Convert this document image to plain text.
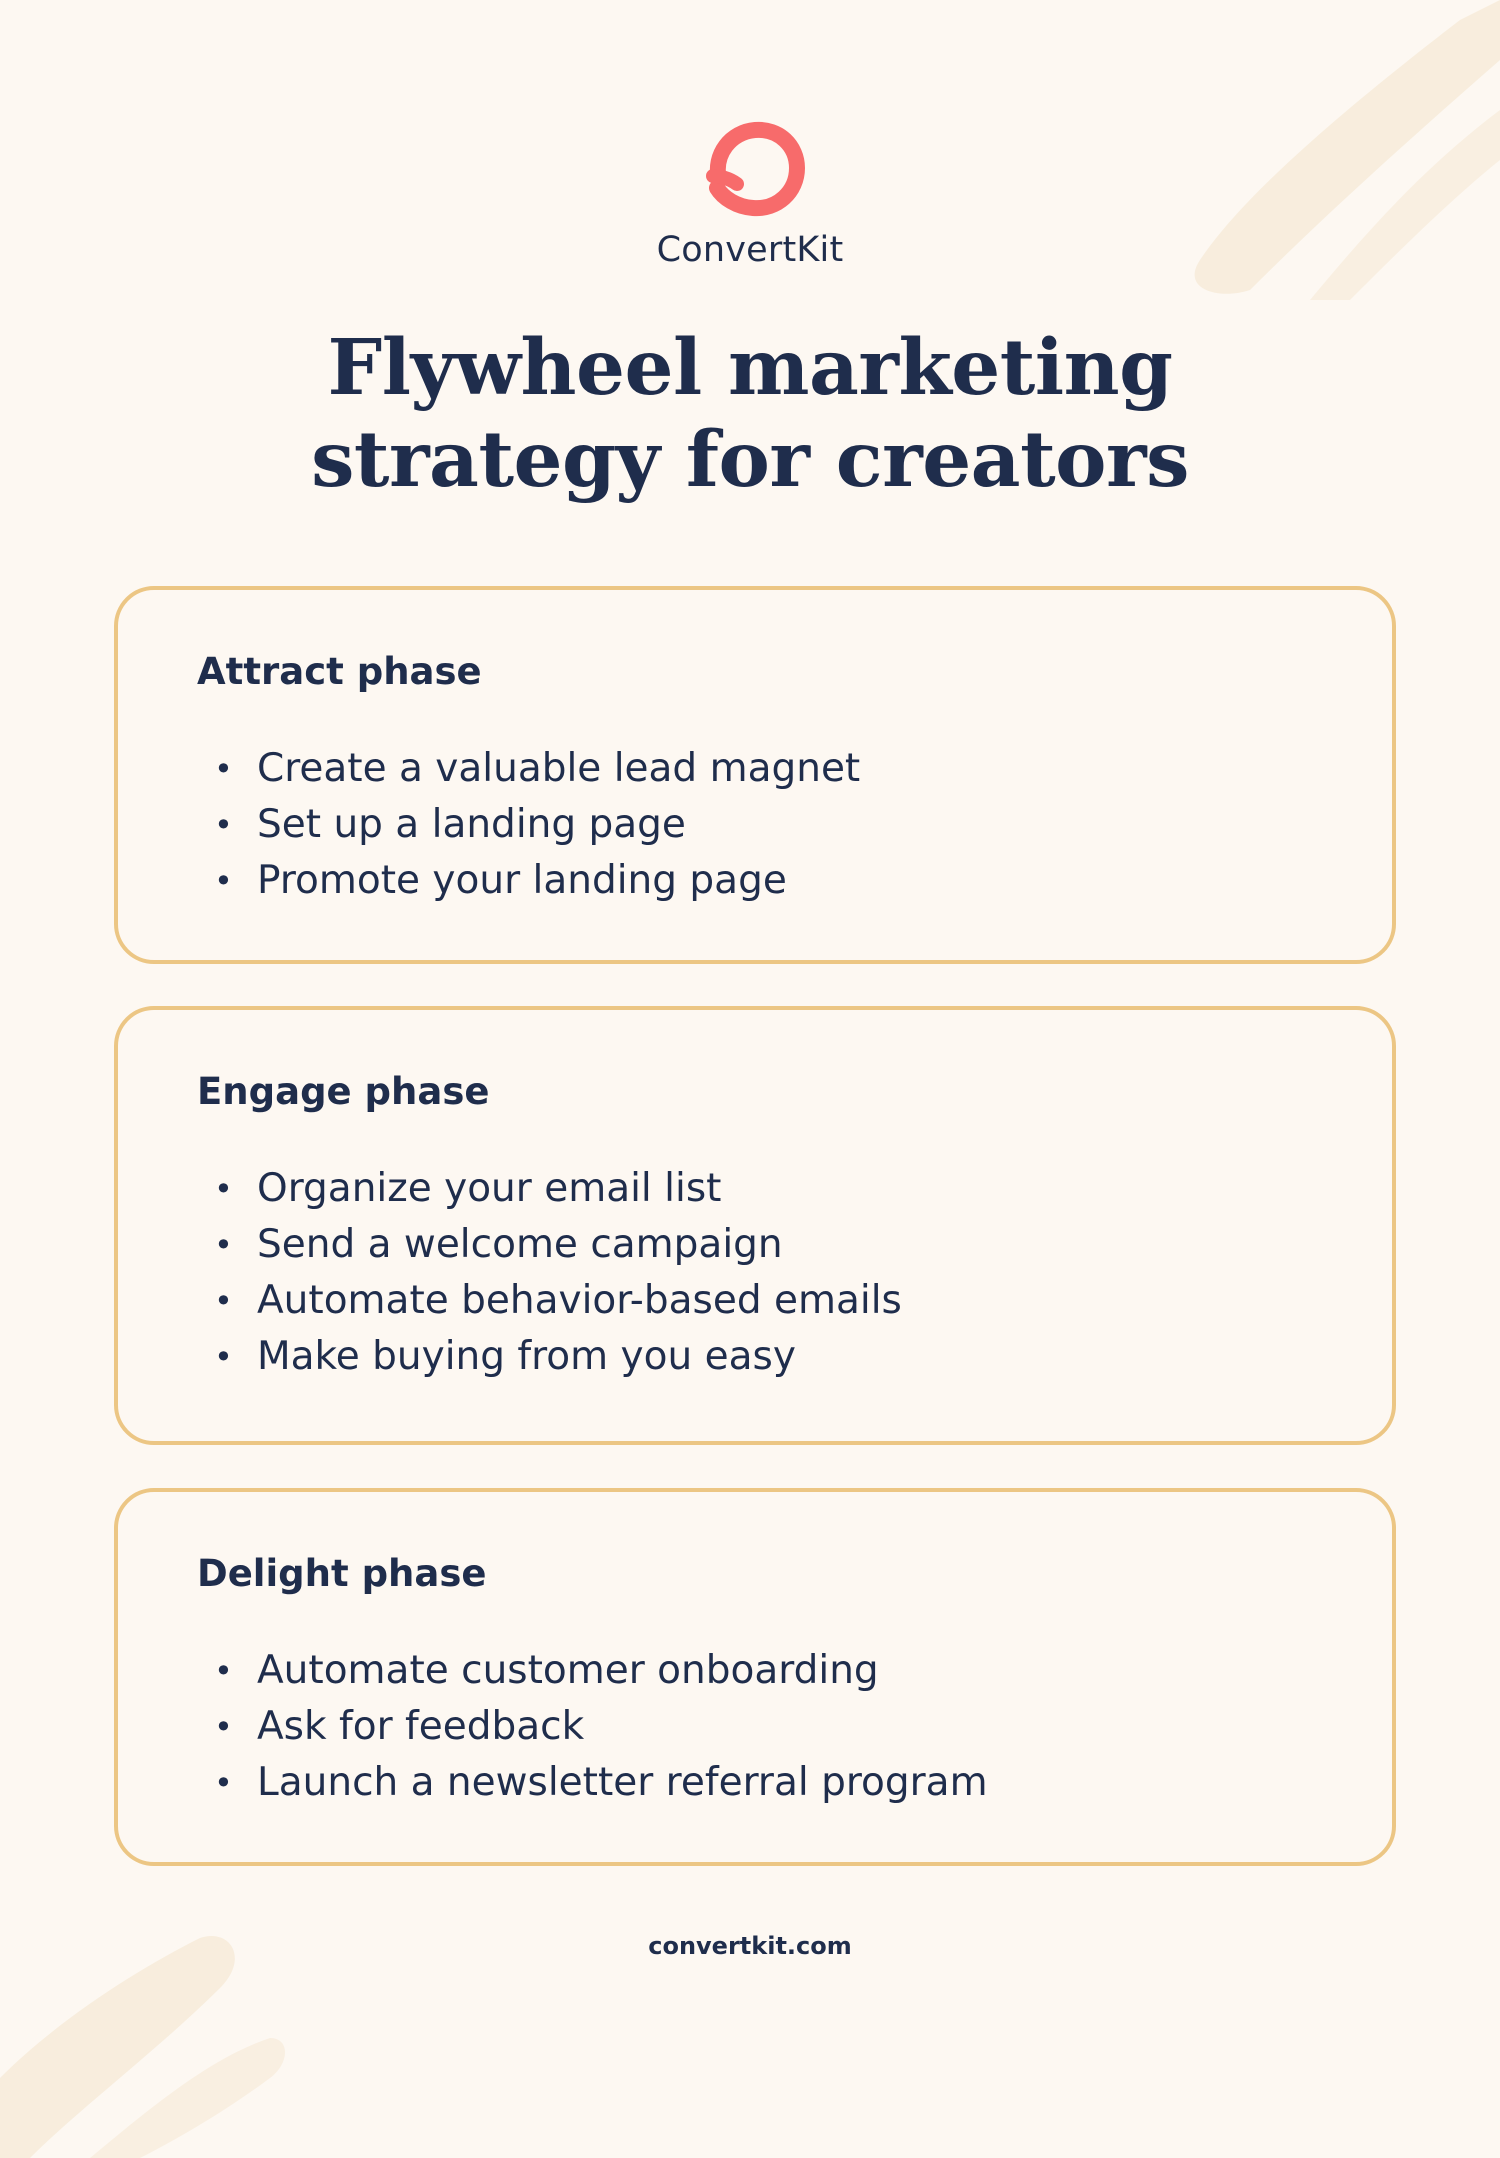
ConvertKit
Flywheel marketing
strategy for creators
Attract phase
• Create a valuable lead magnet
• Set up a landing page
• Promote your landing page
Engage phase
• Organize your email list
• Send a welcome campaign
• Automate behavior-based emails
• Make buying from you easy
Delight phase
• Automate customer onboarding
• Ask for feedback
• Launch a newsletter referral program
convertkit.com
